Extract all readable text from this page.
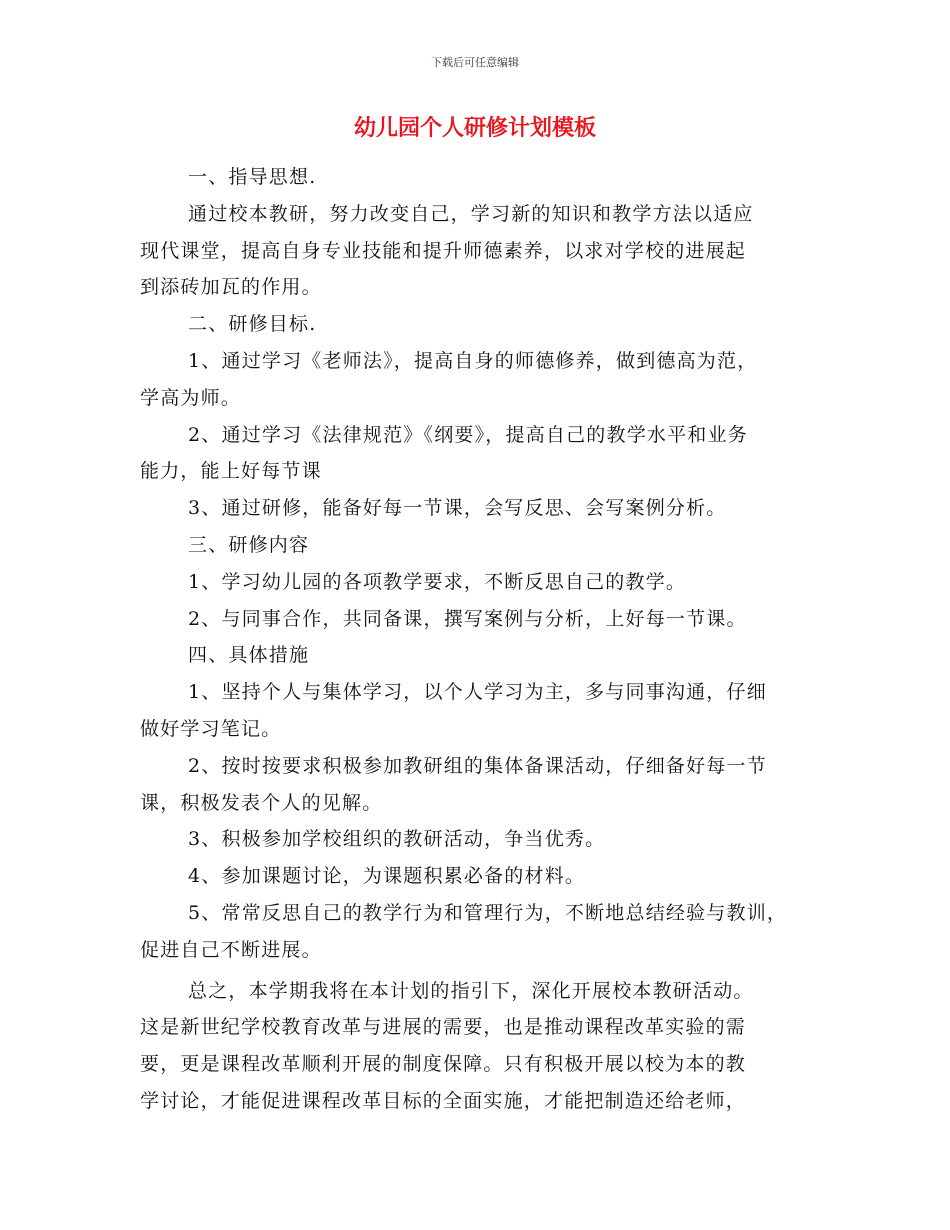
下载后可任意编辑
幼儿园个人研修计划模板
一、指导思想.
通过校本教研，努力改变自己，学习新的知识和教学方法以适应
现代课堂，提高自身专业技能和提升师德素养，以求对学校的进展起
到添砖加瓦的作用。
二、研修目标.
1、通过学习《老师法》，提高自身的师德修养，做到德高为范，
学高为师。
2、通过学习《法律规范》《纲要》，提高自己的教学水平和业务
能力，能上好每节课
3、通过研修，能备好每一节课，会写反思、会写案例分析。
三、研修内容
1、学习幼儿园的各项教学要求，不断反思自己的教学。
2、与同事合作，共同备课，撰写案例与分析，上好每一节课。
四、具体措施
1、坚持个人与集体学习，以个人学习为主，多与同事沟通，仔细
做好学习笔记。
2、按时按要求积极参加教研组的集体备课活动，仔细备好每一节
课，积极发表个人的见解。
3、积极参加学校组织的教研活动，争当优秀。
4、参加课题讨论，为课题积累必备的材料。
5、常常反思自己的教学行为和管理行为，不断地总结经验与教训，
促进自己不断进展。
总之，本学期我将在本计划的指引下，深化开展校本教研活动。
这是新世纪学校教育改革与进展的需要，也是推动课程改革实验的需
要，更是课程改革顺利开展的制度保障。只有积极开展以校为本的教
学讨论，才能促进课程改革目标的全面实施，才能把制造还给老师，
